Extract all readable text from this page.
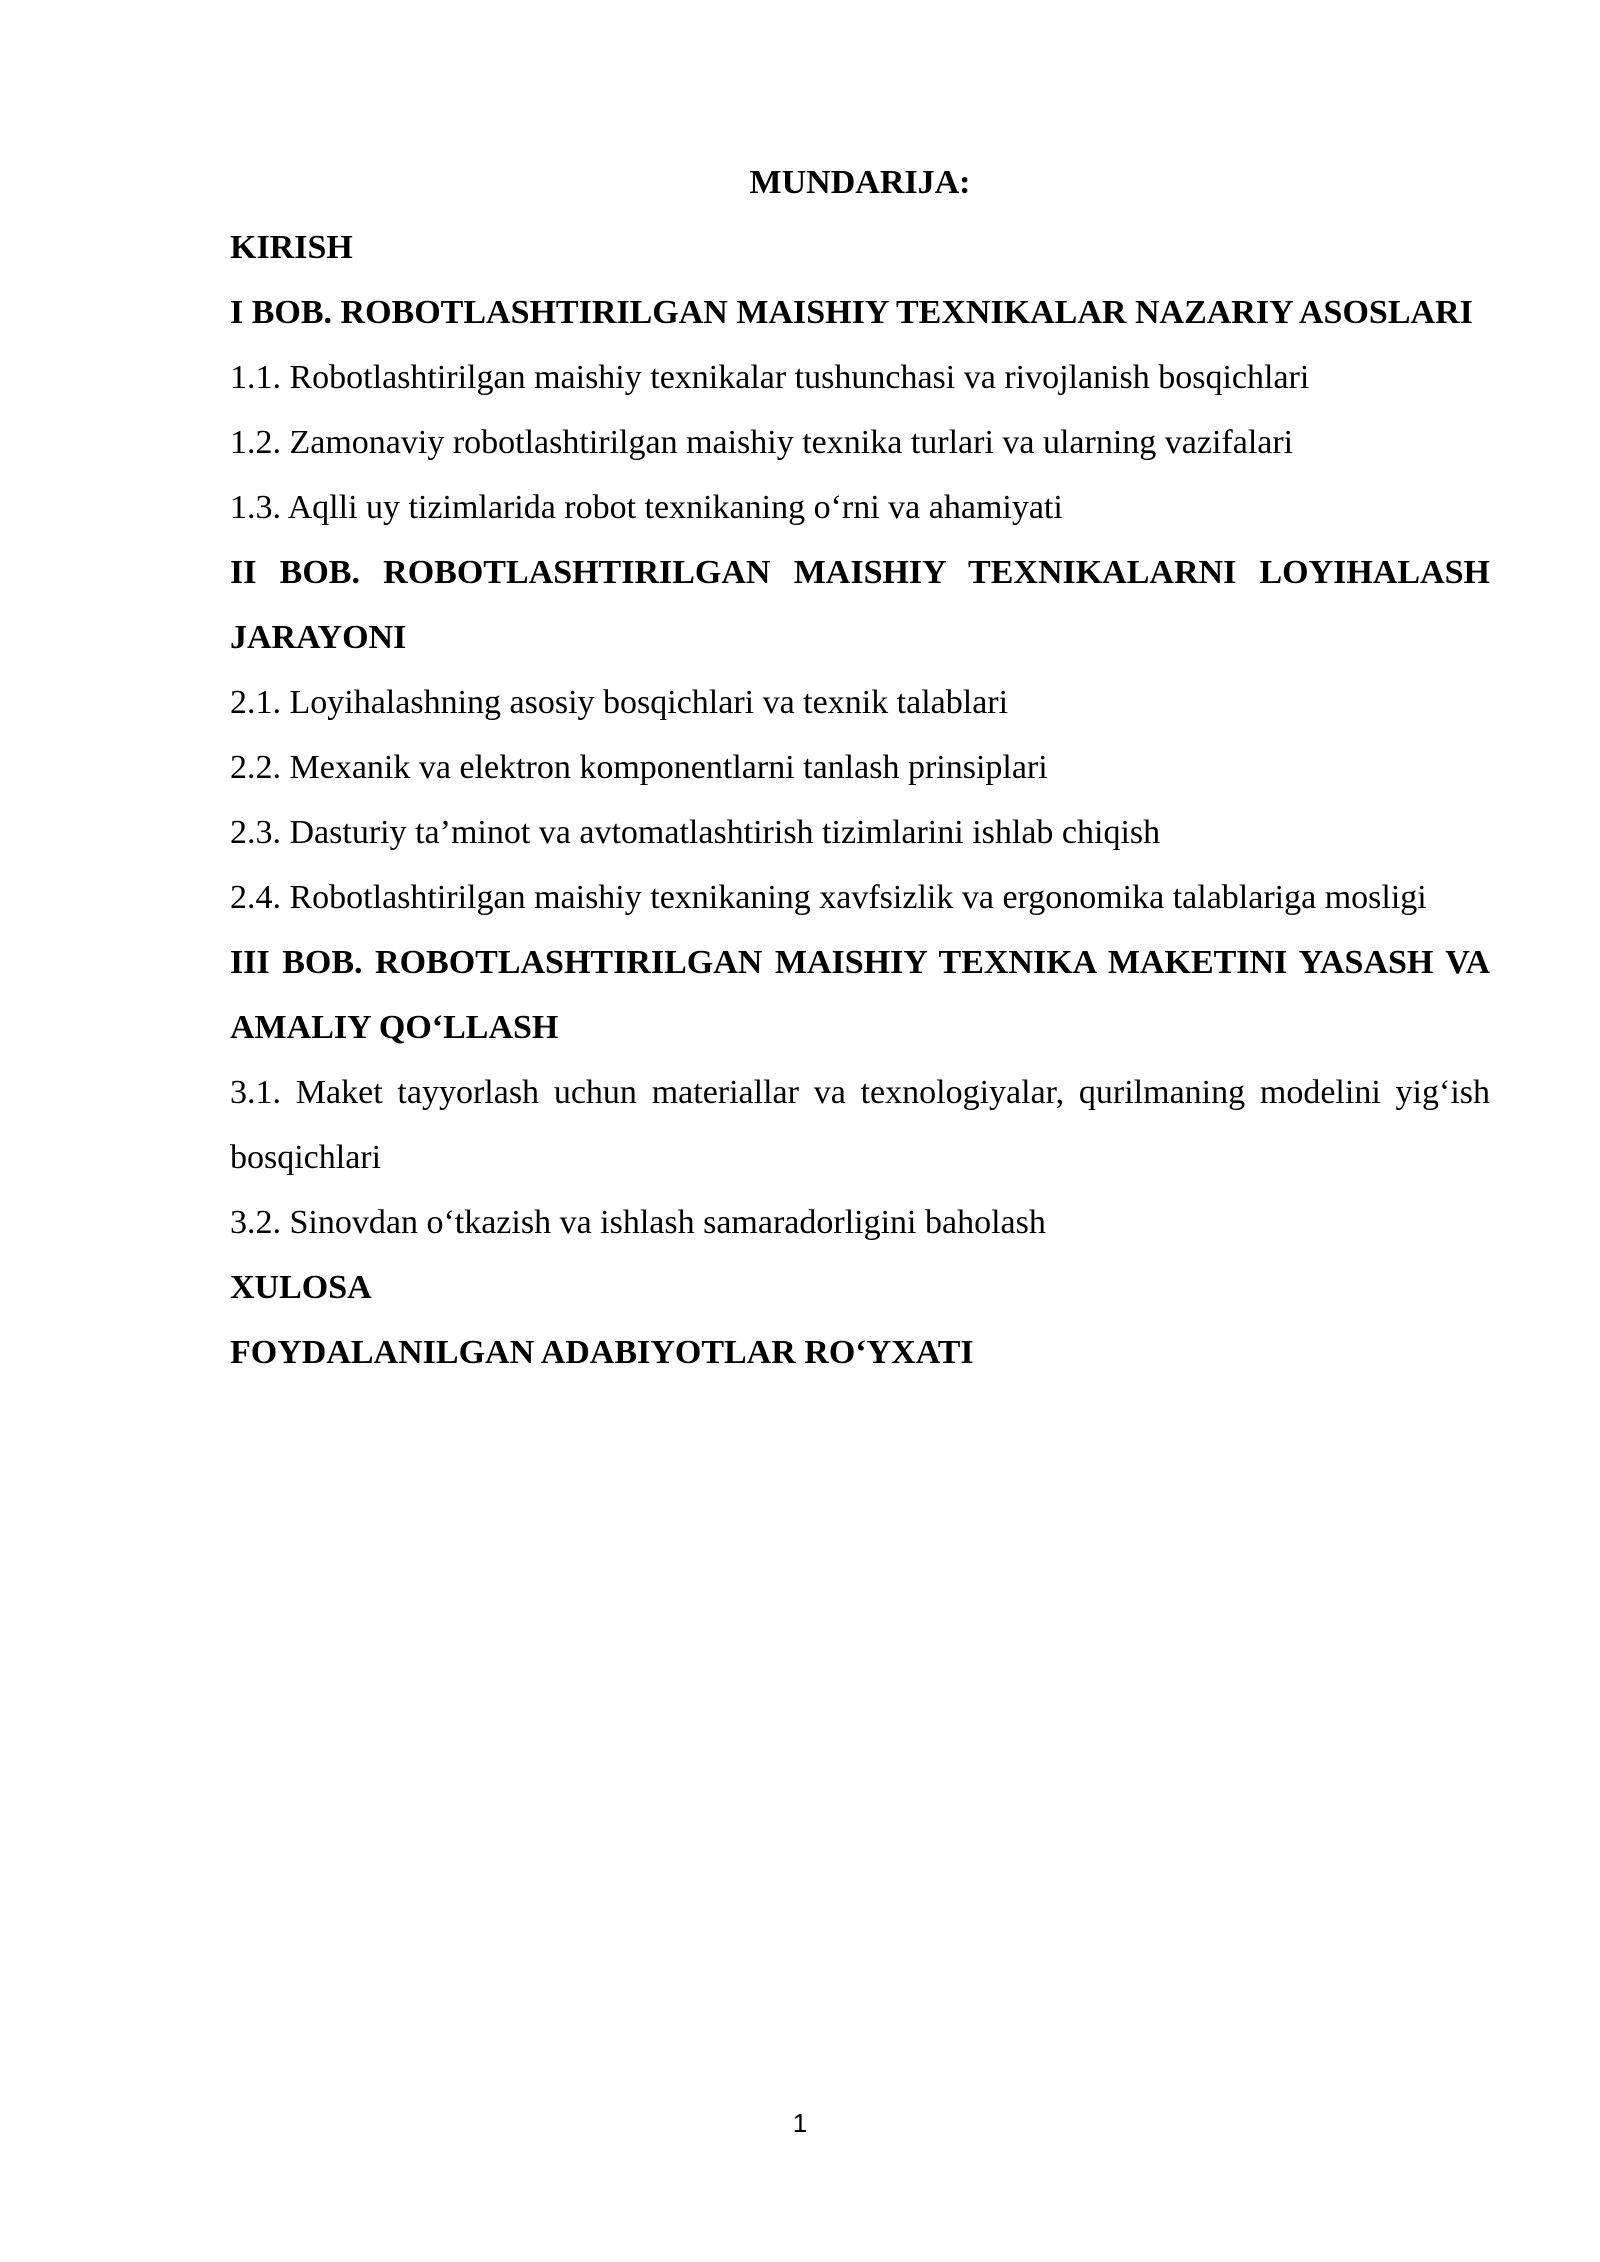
MUNDARIJA:
KIRISH
I BOB. ROBOTLASHTIRILGAN MAISHIY TEXNIKALAR NAZARIY ASOSLARI
1.1. Robotlashtirilgan maishiy texnikalar tushunchasi va rivojlanish bosqichlari
1.2. Zamonaviy robotlashtirilgan maishiy texnika turlari va ularning vazifalari
1.3. Aqlli uy tizimlarida robot texnikaning o‘rni va ahamiyati
II BOB. ROBOTLASHTIRILGAN MAISHIY TEXNIKALARNI LOYIHALASH JARAYONI
2.1. Loyihalashning asosiy bosqichlari va texnik talablari
2.2. Mexanik va elektron komponentlarni tanlash prinsiplari
2.3. Dasturiy ta’minot va avtomatlashtirish tizimlarini ishlab chiqish
2.4. Robotlashtirilgan maishiy texnikaning xavfsizlik va ergonomika talablariga mosligi
III BOB. ROBOTLASHTIRILGAN MAISHIY TEXNIKA MAKETINI YASASH VA AMALIY QO‘LLASH
3.1. Maket tayyorlash uchun materiallar va texnologiyalar, qurilmaning modelini yig‘ish bosqichlari
3.2. Sinovdan o‘tkazish va ishlash samaradorligini baholash
XULOSA
FOYDALANILGAN ADABIYOTLAR RO‘YXATI
1
